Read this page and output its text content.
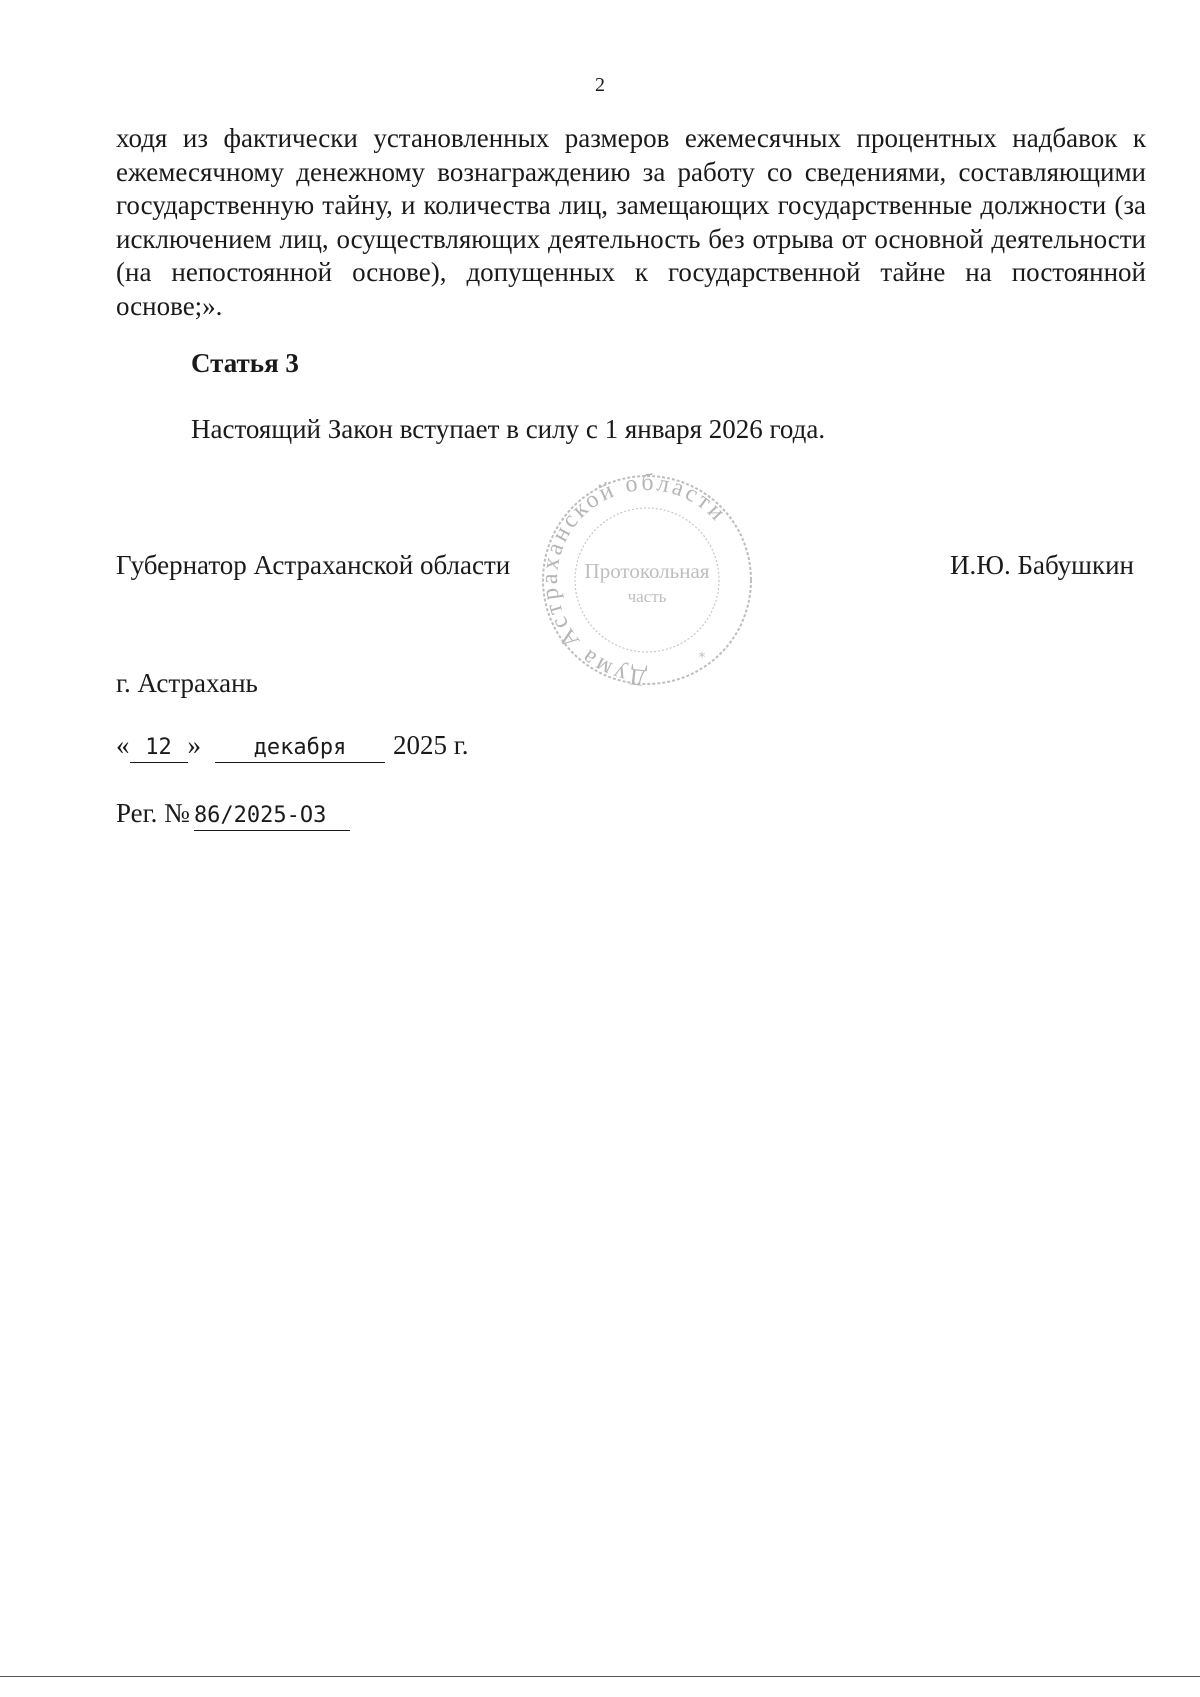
2

ходя из фактически установленных размеров ежемесячных процентных надбавок к ежемесячному денежному вознаграждению за работу со сведениями, составляющими государственную тайну, и количества лиц, замещающих государственные должности (за исключением лиц, осуществляющих деятельность без отрыва от основной деятельности (на непостоянной основе), допущенных к государственной тайне на постоянной основе;».

Статья 3
Настоящий Закон вступает в силу с 1 января 2026 года.
Губернатор Астраханской области
Дума Астраханской области
Протокольная
часть
*
И.Ю. Бабушкин
г. Астрахань
« 12 » декабря 2025 г.
Рег. № 86/2025-ОЗ
